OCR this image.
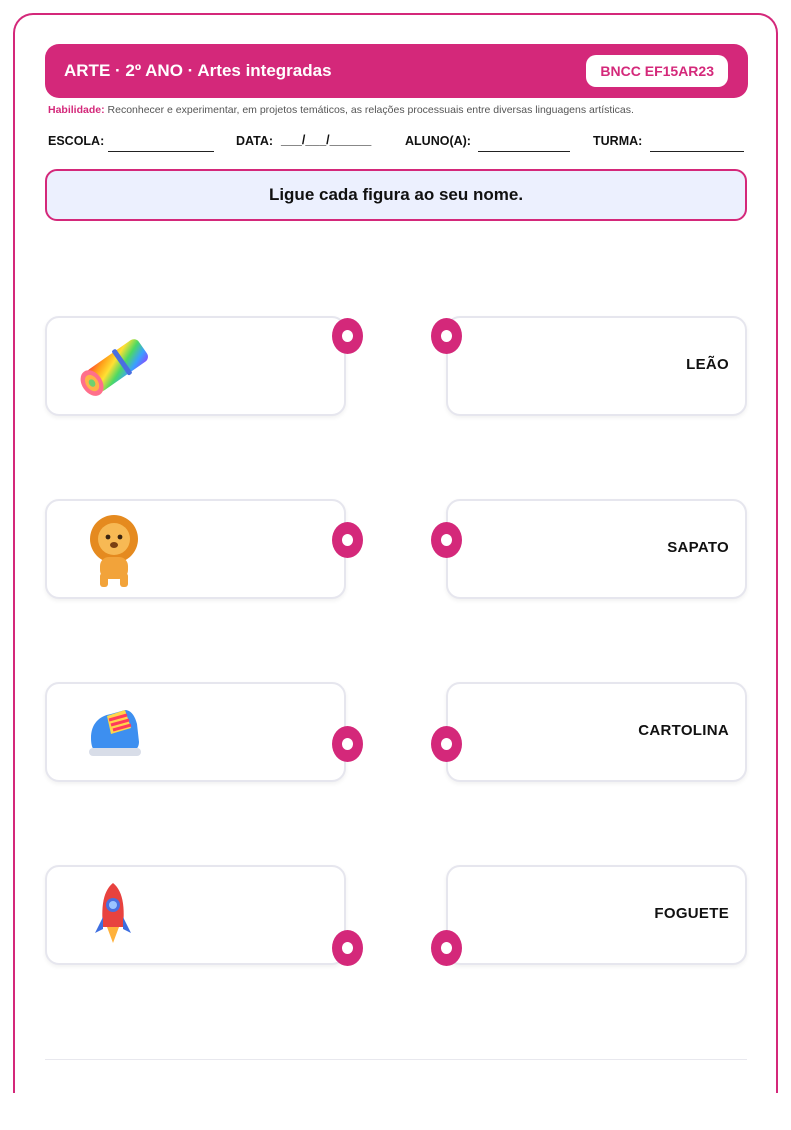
ARTE · 2º ANO · Artes integradas	BNCC EF15AR23
Habilidade: Reconhecer e experimentar, em projetos temáticos, as relações processuais entre diversas linguagens artísticas.
ESCOLA:	DATA: ___/___/______	ALUNO(A):	TURMA:
Ligue cada figura ao seu nome.
LEÃO
SAPATO
CARTOLINA
FOGUETE
